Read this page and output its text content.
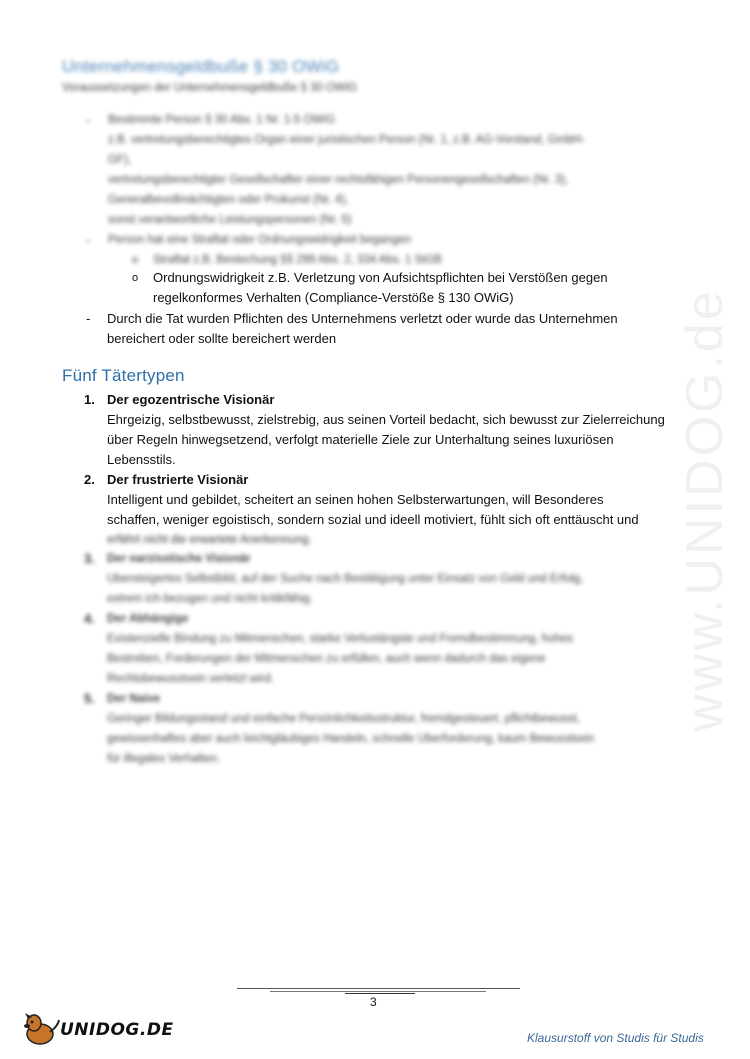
www.UNIDOG.de
Unternehmensgeldbuße § 30 OWiG
Voraussetzungen der Unternehmensgeldbuße § 30 OWiG
- Bestimmte Person § 30 Abs. 1 Nr. 1-5 OWiG
z.B. vertretungsberechtigtes Organ einer juristischen Person (Nr. 1, z.B. AG-Vorstand, GmbH-
GF),
vertretungsberechtigter Gesellschafter einer rechtsfähigen Personengesellschaften (Nr. 3),
Generalbevollmächtigten oder Prokurist (Nr. 4),
sonst verantwortliche Leistungspersonen (Nr. 5)
- Person hat eine Straftat oder Ordnungswidrigkeit begangen
o Straftat z.B. Bestechung §§ 299 Abs. 2, 334 Abs. 1 StGB
o Ordnungswidrigkeit z.B. Verletzung von Aufsichtspflichten bei Verstößen gegen
regelkonformes Verhalten (Compliance-Verstöße § 130 OWiG)
- Durch die Tat wurden Pflichten des Unternehmens verletzt oder wurde das Unternehmen
bereichert oder sollte bereichert werden
Fünf Tätertypen
1. Der egozentrische Visionär
Ehrgeizig, selbstbewusst, zielstrebig, aus seinen Vorteil bedacht, sich bewusst zur Zielerreichung
über Regeln hinwegsetzend, verfolgt materielle Ziele zur Unterhaltung seines luxuriösen
Lebensstils.
2. Der frustrierte Visionär
Intelligent und gebildet, scheitert an seinen hohen Selbsterwartungen, will Besonderes
schaffen, weniger egoistisch, sondern sozial und ideell motiviert, fühlt sich oft enttäuscht und
erfährt nicht die erwartete Anerkennung.
3. Der narzisstische Visionär
Übersteigertes Selbstbild, auf der Suche nach Bestätigung unter Einsatz von Geld und Erfolg,
extrem ich-bezogen und nicht kritikfähig.
4. Der Abhängige
Existenzielle Bindung zu Mitmenschen, starke Verlustängste und Fremdbestimmung, hohes
Bestreben, Forderungen der Mitmenschen zu erfüllen, auch wenn dadurch das eigene
Rechtsbewusstsein verletzt wird.
5. Der Naive
Geringer Bildungsstand und einfache Persönlichkeitsstruktur, fremdgesteuert, pflichtbewusst,
gewissenhaftes aber auch leichtgläubiges Handeln, schnelle Überforderung, kaum Bewusstsein
für illegales Verhalten.
3
UNIDOG.DE	Klausurstoff von Studis für Studis
